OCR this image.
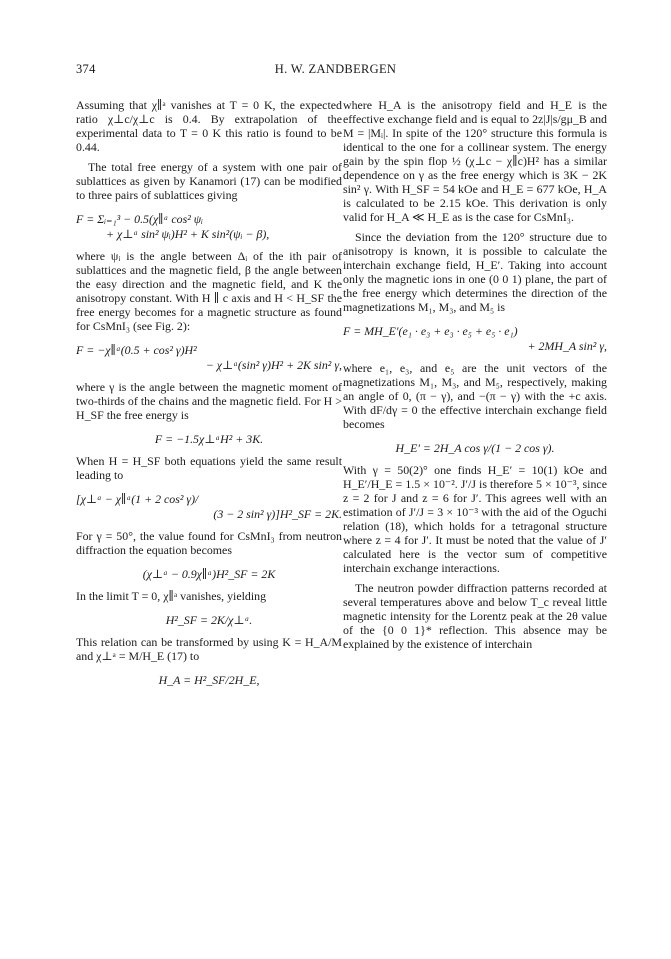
374	H. W. ZANDBERGEN

Assuming that χ∥ᵃ vanishes at T = 0 K, the expected ratio χ⊥c/χ⊥c is 0.4. By extrapolation of the experimental data to T = 0 K this ratio is found to be 0.44.

The total free energy of a system with one pair of sublattices as given by Kanamori (17) can be modified to three pairs of sublattices giving

F = Σᵢ₌₁³ − 0.5(χ∥ᵃ cos² ψᵢ

+ χ⊥ᵃ sin² ψᵢ)H² + K sin²(ψᵢ − β),

where ψᵢ is the angle between Δᵢ of the ith pair of sublattices and the magnetic field, β the angle between the easy direction and the magnetic field, and K the anisotropy constant. With H ∥ c axis and H < H_SF the free energy becomes for a magnetic structure as found for CsMnI₃ (see Fig. 2):

F = −χ∥ᵃ(0.5 + cos² γ)H²

− χ⊥ᵃ(sin² γ)H² + 2K sin² γ,

where γ is the angle between the magnetic moment of two-thirds of the chains and the magnetic field. For H > H_SF the free energy is

F = −1.5χ⊥ᵃH² + 3K.

When H = H_SF both equations yield the same result leading to

[χ⊥ᵃ − χ∥ᵃ(1 + 2 cos² γ)/

(3 − 2 sin² γ)]H²_SF = 2K.

For γ = 50°, the value found for CsMnI₃ from neutron diffraction the equation becomes

(χ⊥ᵃ − 0.9χ∥ᵃ)H²_SF = 2K

In the limit T = 0, χ∥ᵃ vanishes, yielding

H²_SF = 2K/χ⊥ᵃ.

This relation can be transformed by using K = H_A/M and χ⊥ᵃ = M/H_E (17) to

H_A = H²_SF/2H_E,

where H_A is the anisotropy field and H_E is the effective exchange field and is equal to 2z|J|s/gμ_B and M = |Mᵢ|. In spite of the 120° structure this formula is identical to the one for a collinear system. The energy gain by the spin flop ½ (χ⊥c − χ∥c)H² has a similar dependence on γ as the free energy which is 3K − 2K sin² γ. With H_SF = 54 kOe and H_E = 677 kOe, H_A is calculated to be 2.15 kOe. This derivation is only valid for H_A ≪ H_E as is the case for CsMnI₃.

Since the deviation from the 120° structure due to anisotropy is known, it is possible to calculate the interchain exchange field, H_E′. Taking into account only the magnetic ions in one (0 0 1) plane, the part of the free energy which determines the direction of the magnetizations M₁, M₃, and M₅ is

F = MH_E′(e₁ · e₃ + e₃ · e₅ + e₅ · e₁)

+ 2MH_A sin² γ,

where e₁, e₃, and e₅ are the unit vectors of the magnetizations M₁, M₃, and M₅, respectively, making an angle of 0, (π − γ), and −(π − γ) with the +c axis. With dF/dγ = 0 the effective interchain exchange field becomes

H_E′ = 2H_A cos γ/(1 − 2 cos γ).

With γ = 50(2)° one finds H_E′ = 10(1) kOe and H_E′/H_E = 1.5 × 10⁻². J′/J is therefore 5 × 10⁻³, since z = 2 for J and z = 6 for J′. This agrees well with an estimation of J′/J = 3 × 10⁻³ with the aid of the Oguchi relation (18), which holds for a tetragonal structure where z = 4 for J′. It must be noted that the value of J′ calculated here is the vector sum of competitive interchain exchange interactions.

The neutron powder diffraction patterns recorded at several temperatures above and below T_c reveal little magnetic intensity for the Lorentz peak at the 2θ value of the {0 0 1}* reflection. This absence may be explained by the existence of interchain
